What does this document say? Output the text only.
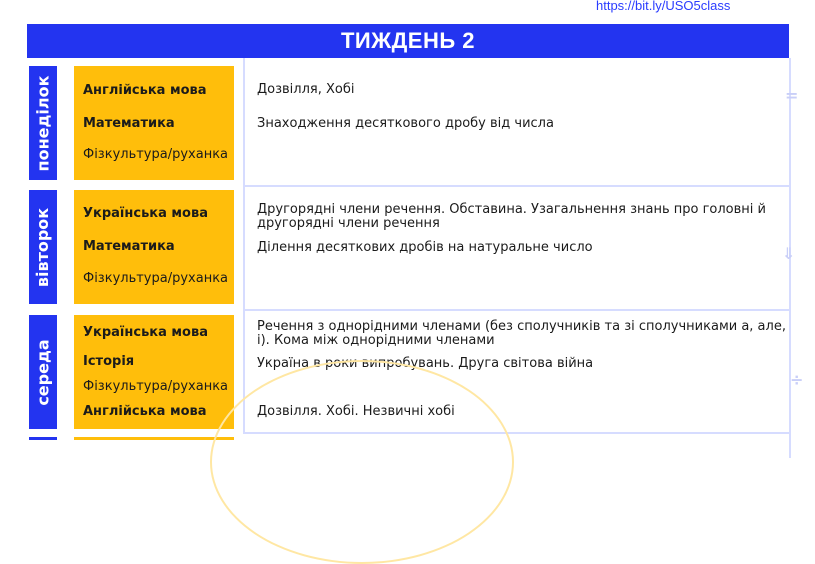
https://bit.ly/USO5class
ТИЖДЕНЬ 2
понеділок Англійська мова
Математика
Фізкультура/руханка
Дозвілля, Хобі
Знаходження десяткового дробу від числа
вівторок Українська мова
Математика
Фізкультура/руханка
Другорядні члени речення. Обставина. Узагальнення знань про головні й другорядні члени речення
Ділення десяткових дробів на натуральне число
середа
Українська мова
Історія
Фізкультура/руханка
Англійська мова
Речення з однорідними членами (без сполучників та зі сполучниками а, але, і). Кома між однорідними членами
Україна в роки випробувань. Друга світова війна
Дозвілля. Хобі. Незвичні хобі
=
⇓
÷
